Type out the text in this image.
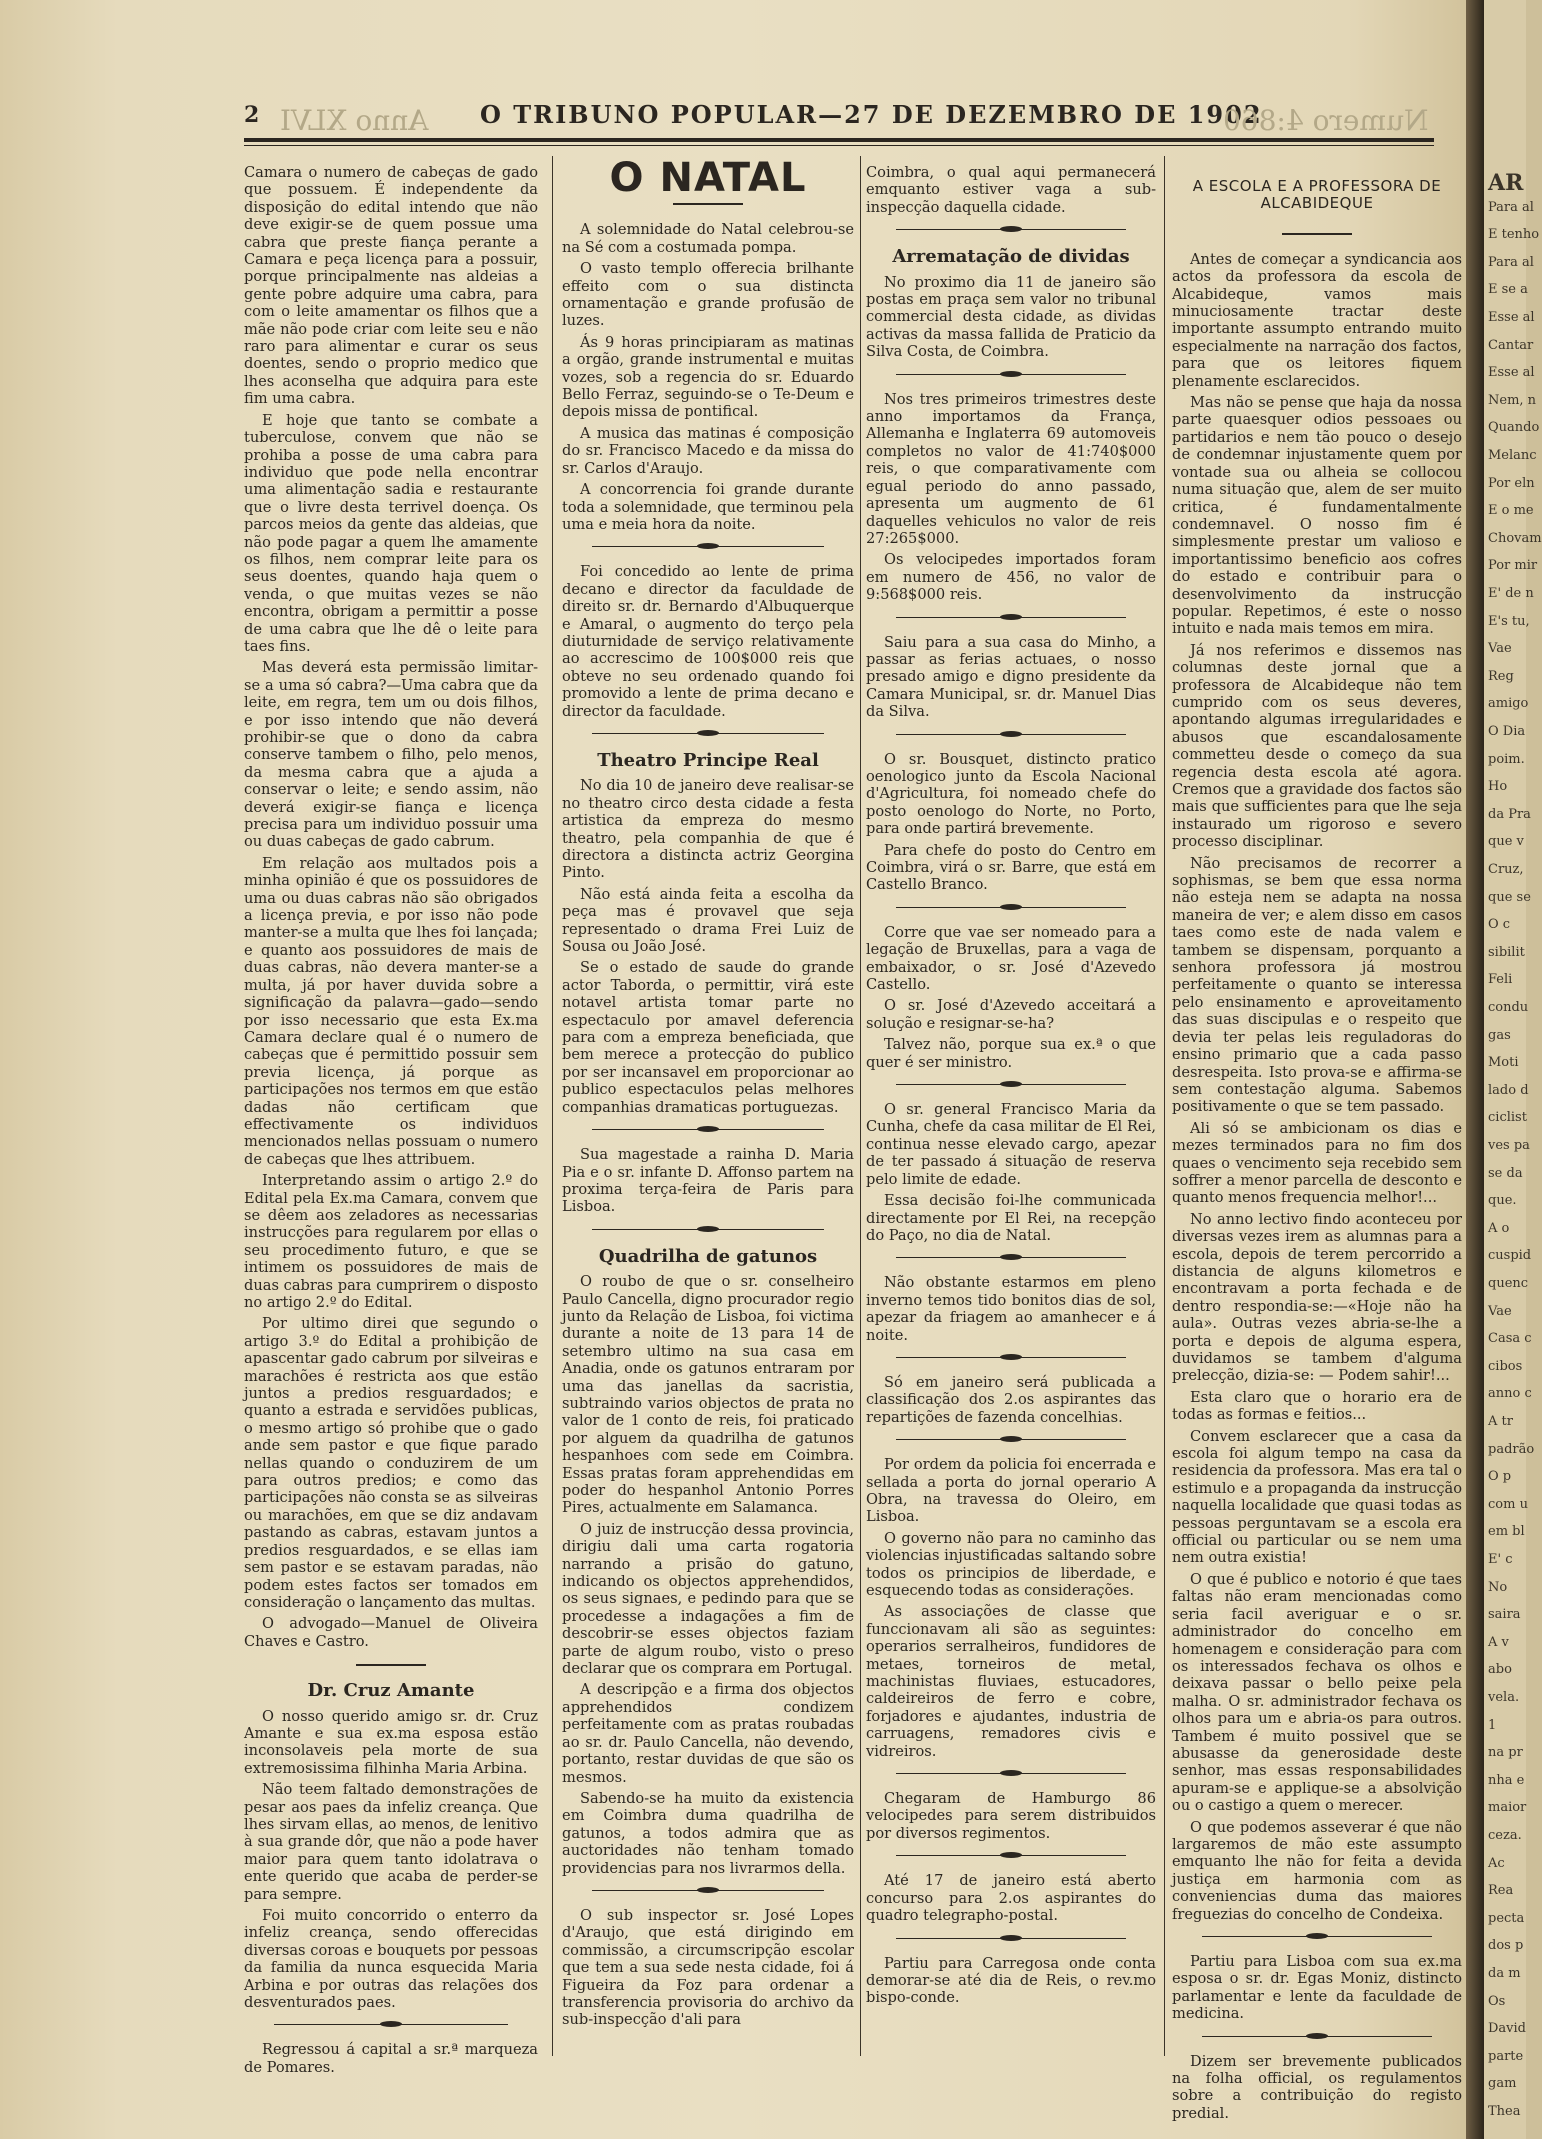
2 Anno XLVI O TRIBUNO POPULAR—27 DE DEZEMBRO DE 1902
Numero 4:860

Camara o numero de cabeças de gado que possuem. É independente da disposição do edital intendo que não deve exigir-se de quem possue uma cabra que preste fiança perante a Camara e peça licença para a possuir, porque principalmente nas aldeias a gente pobre adquire uma cabra, para com o leite amamentar os filhos que a mãe não pode criar com leite seu e não raro para alimentar e curar os seus doentes, sendo o proprio medico que lhes aconselha que adquira para este fim uma cabra.

E hoje que tanto se combate a tuberculose, convem que não se prohiba a posse de uma cabra para individuo que pode nella encontrar uma alimentação sadia e restaurante que o livre desta terrivel doença. Os parcos meios da gente das aldeias, que não pode pagar a quem lhe amamente os filhos, nem comprar leite para os seus doentes, quando haja quem o venda, o que muitas vezes se não encontra, obrigam a permittir a posse de uma cabra que lhe dê o leite para taes fins.

Mas deverá esta permissão limitar-se a uma só cabra?—Uma cabra que da leite, em regra, tem um ou dois filhos, e por isso intendo que não deverá prohibir-se que o dono da cabra conserve tambem o filho, pelo menos, da mesma cabra que a ajuda a conservar o leite; e sendo assim, não deverá exigir-se fiança e licença precisa para um individuo possuir uma ou duas cabeças de gado cabrum.

Em relação aos multados pois a minha opinião é que os possuidores de uma ou duas cabras não são obrigados a licença previa, e por isso não pode manter-se a multa que lhes foi lançada; e quanto aos possuidores de mais de duas cabras, não devera manter-se a multa, já por haver duvida sobre a significação da palavra—gado—sendo por isso necessario que esta Ex.ma Camara declare qual é o numero de cabeças que é permittido possuir sem previa licença, já porque as participações nos termos em que estão dadas não certificam que effectivamente os individuos mencionados nellas possuam o numero de cabeças que lhes attribuem.

Interpretando assim o artigo 2.º do Edital pela Ex.ma Camara, convem que se dêem aos zeladores as necessarias instrucções para regularem por ellas o seu procedimento futuro, e que se intimem os possuidores de mais de duas cabras para cumprirem o disposto no artigo 2.º do Edital.

Por ultimo direi que segundo o artigo 3.º do Edital a prohibição de apascentar gado cabrum por silveiras e marachões é restricta aos que estão juntos a predios resguardados; e quanto a estrada e servidões publicas, o mesmo artigo só prohibe que o gado ande sem pastor e que fique parado nellas quando o conduzirem de um para outros predios; e como das participações não consta se as silveiras ou marachões, em que se diz andavam pastando as cabras, estavam juntos a predios resguardados, e se ellas iam sem pastor e se estavam paradas, não podem estes factos ser tomados em consideração o lançamento das multas.

O advogado—Manuel de Oliveira Chaves e Castro.

Dr. Cruz Amante

O nosso querido amigo sr. dr. Cruz Amante e sua ex.ma esposa estão inconsolaveis pela morte de sua extremosissima filhinha Maria Arbina.

Não teem faltado demonstrações de pesar aos paes da infeliz creança. Que lhes sirvam ellas, ao menos, de lenitivo à sua grande dôr, que não a pode haver maior para quem tanto idolatrava o ente querido que acaba de perder-se para sempre.

Foi muito concorrido o enterro da infeliz creança, sendo offerecidas diversas coroas e bouquets por pessoas da familia da nunca esquecida Maria Arbina e por outras das relações dos desventurados paes.

Regressou á capital a sr.ª marqueza de Pomares.

O NATAL

A solemnidade do Natal celebrou-se na Sé com a costumada pompa.

O vasto templo offerecia brilhante effeito com o sua distincta ornamentação e grande profusão de luzes.

Ás 9 horas principiaram as matinas a orgão, grande instrumental e muitas vozes, sob a regencia do sr. Eduardo Bello Ferraz, seguindo-se o Te-Deum e depois missa de pontifical.

A musica das matinas é composição do sr. Francisco Macedo e da missa do sr. Carlos d'Araujo.

A concorrencia foi grande durante toda a solemnidade, que terminou pela uma e meia hora da noite.

Foi concedido ao lente de prima decano e director da faculdade de direito sr. dr. Bernardo d'Albuquerque e Amaral, o augmento do terço pela diuturnidade de serviço relativamente ao accrescimo de 100$000 reis que obteve no seu ordenado quando foi promovido a lente de prima decano e director da faculdade.

Theatro Principe Real

No dia 10 de janeiro deve realisar-se no theatro circo desta cidade a festa artistica da empreza do mesmo theatro, pela companhia de que é directora a distincta actriz Georgina Pinto.

Não está ainda feita a escolha da peça mas é provavel que seja representado o drama Frei Luiz de Sousa ou João José.

Se o estado de saude do grande actor Taborda, o permittir, virá este notavel artista tomar parte no espectaculo por amavel deferencia para com a empreza beneficiada, que bem merece a protecção do publico por ser incansavel em proporcionar ao publico espectaculos pelas melhores companhias dramaticas portuguezas.

Sua magestade a rainha D. Maria Pia e o sr. infante D. Affonso partem na proxima terça-feira de Paris para Lisboa.

Quadrilha de gatunos

O roubo de que o sr. conselheiro Paulo Cancella, digno procurador regio junto da Relação de Lisboa, foi victima durante a noite de 13 para 14 de setembro ultimo na sua casa em Anadia, onde os gatunos entraram por uma das janellas da sacristia, subtraindo varios objectos de prata no valor de 1 conto de reis, foi praticado por alguem da quadrilha de gatunos hespanhoes com sede em Coimbra. Essas pratas foram apprehendidas em poder do hespanhol Antonio Porres Pires, actualmente em Salamanca.

O juiz de instrucção dessa provincia, dirigiu dali uma carta rogatoria narrando a prisão do gatuno, indicando os objectos apprehendidos, os seus signaes, e pedindo para que se procedesse a indagações a fim de descobrir-se esses objectos faziam parte de algum roubo, visto o preso declarar que os comprara em Portugal.

A descripção e a firma dos objectos apprehendidos condizem perfeitamente com as pratas roubadas ao sr. dr. Paulo Cancella, não devendo, portanto, restar duvidas de que são os mesmos.

Sabendo-se ha muito da existencia em Coimbra duma quadrilha de gatunos, a todos admira que as auctoridades não tenham tomado providencias para nos livrarmos della.

O sub inspector sr. José Lopes d'Araujo, que está dirigindo em commissão, a circumscripção escolar que tem a sua sede nesta cidade, foi á Figueira da Foz para ordenar a transferencia provisoria do archivo da sub-inspecção d'ali para

Coimbra, o qual aqui permanecerá emquanto estiver vaga a sub-inspecção daquella cidade.

Arrematação de dividas

No proximo dia 11 de janeiro são postas em praça sem valor no tribunal commercial desta cidade, as dividas activas da massa fallida de Praticio da Silva Costa, de Coimbra.

Nos tres primeiros trimestres deste anno importamos da França, Allemanha e Inglaterra 69 automoveis completos no valor de 41:740$000 reis, o que comparativamente com egual periodo do anno passado, apresenta um augmento de 61 daquelles vehiculos no valor de reis 27:265$000.

Os velocipedes importados foram em numero de 456, no valor de 9:568$000 reis.

Saiu para a sua casa do Minho, a passar as ferias actuaes, o nosso presado amigo e digno presidente da Camara Municipal, sr. dr. Manuel Dias da Silva.

O sr. Bousquet, distincto pratico oenologico junto da Escola Nacional d'Agricultura, foi nomeado chefe do posto oenologo do Norte, no Porto, para onde partirá brevemente.

Para chefe do posto do Centro em Coimbra, virá o sr. Barre, que está em Castello Branco.

Corre que vae ser nomeado para a legação de Bruxellas, para a vaga de embaixador, o sr. José d'Azevedo Castello.

O sr. José d'Azevedo acceitará a solução e resignar-se-ha?

Talvez não, porque sua ex.ª o que quer é ser ministro.

O sr. general Francisco Maria da Cunha, chefe da casa militar de El Rei, continua nesse elevado cargo, apezar de ter passado á situação de reserva pelo limite de edade.

Essa decisão foi-lhe communicada directamente por El Rei, na recepção do Paço, no dia de Natal.

Não obstante estarmos em pleno inverno temos tido bonitos dias de sol, apezar da friagem ao amanhecer e á noite.

Só em janeiro será publicada a classificação dos 2.os aspirantes das repartições de fazenda concelhias.

Por ordem da policia foi encerrada e sellada a porta do jornal operario A Obra, na travessa do Oleiro, em Lisboa.

O governo não para no caminho das violencias injustificadas saltando sobre todos os principios de liberdade, e esquecendo todas as considerações.

As associações de classe que funccionavam ali são as seguintes: operarios serralheiros, fundidores de metaes, torneiros de metal, machinistas fluviaes, estucadores, caldeireiros de ferro e cobre, forjadores e ajudantes, industria de carruagens, remadores civis e vidreiros.

Chegaram de Hamburgo 86 velocipedes para serem distribuidos por diversos regimentos.

Até 17 de janeiro está aberto concurso para 2.os aspirantes do quadro telegrapho-postal.

Partiu para Carregosa onde conta demorar-se até dia de Reis, o rev.mo bispo-conde.

A ESCOLA E A PROFESSORA DE ALCABIDEQUE

Antes de começar a syndicancia aos actos da professora da escola de Alcabideque, vamos mais minuciosamente tractar deste importante assumpto entrando muito especialmente na narração dos factos, para que os leitores fiquem plenamente esclarecidos.

Mas não se pense que haja da nossa parte quaesquer odios pessoaes ou partidarios e nem tão pouco o desejo de condemnar injustamente quem por vontade sua ou alheia se collocou numa situação que, alem de ser muito critica, é fundamentalmente condemnavel. O nosso fim é simplesmente prestar um valioso e importantissimo beneficio aos cofres do estado e contribuir para o desenvolvimento da instrucção popular. Repetimos, é este o nosso intuito e nada mais temos em mira.

Já nos referimos e dissemos nas columnas deste jornal que a professora de Alcabideque não tem cumprido com os seus deveres, apontando algumas irregularidades e abusos que escandalosamente commetteu desde o começo da sua regencia desta escola até agora. Cremos que a gravidade dos factos são mais que sufficientes para que lhe seja instaurado um rigoroso e severo processo disciplinar.

Não precisamos de recorrer a sophismas, se bem que essa norma não esteja nem se adapta na nossa maneira de ver; e alem disso em casos taes como este de nada valem e tambem se dispensam, porquanto a senhora professora já mostrou perfeitamente o quanto se interessa pelo ensinamento e aproveitamento das suas discipulas e o respeito que devia ter pelas leis reguladoras do ensino primario que a cada passo desrespeita. Isto prova-se e affirma-se sem contestação alguma. Sabemos positivamente o que se tem passado.

Ali só se ambicionam os dias e mezes terminados para no fim dos quaes o vencimento seja recebido sem soffrer a menor parcella de desconto e quanto menos frequencia melhor!...

No anno lectivo findo aconteceu por diversas vezes irem as alumnas para a escola, depois de terem percorrido a distancia de alguns kilometros e encontravam a porta fechada e de dentro respondia-se:—«Hoje não ha aula». Outras vezes abria-se-lhe a porta e depois de alguma espera, duvidamos se tambem d'alguma prelecção, dizia-se: — Podem sahir!...

Esta claro que o horario era de todas as formas e feitios...

Convem esclarecer que a casa da escola foi algum tempo na casa da residencia da professora. Mas era tal o estimulo e a propaganda da instrucção naquella localidade que quasi todas as pessoas perguntavam se a escola era official ou particular ou se nem uma nem outra existia!

O que é publico e notorio é que taes faltas não eram mencionadas como seria facil averiguar e o sr. administrador do concelho em homenagem e consideração para com os interessados fechava os olhos e deixava passar o bello peixe pela malha. O sr. administrador fechava os olhos para um e abria-os para outros. Tambem é muito possivel que se abusasse da generosidade deste senhor, mas essas responsabilidades apuram-se e applique-se a absolvição ou o castigo a quem o merecer.

O que podemos asseverar é que não largaremos de mão este assumpto emquanto lhe não for feita a devida justiça em harmonia com as conveniencias duma das maiores freguezias do concelho de Condeixa.

Partiu para Lisboa com sua ex.ma esposa o sr. dr. Egas Moniz, distincto parlamentar e lente da faculdade de medicina.

Dizem ser brevemente publicados na folha official, os regulamentos sobre a contribuição do registo predial.

AR
Para al
E tenho
Para al
E se a
Esse al
Cantar
Esse al
Nem, n
Quando
Melanc
Por eln
E o me
Chovam
Por mir
E' de n
E's tu,
Vae
Reg
amigo
O Dia
poim.
Ho
da Pra
que v
Cruz,
que se
O c
sibilit
Feli
condu
gas
Moti
lado d
ciclist
ves pa
se da
que.
A o
cuspid
quenc
Vae
Casa c
cibos
anno c
A tr
padrão
O p
com u
em bl
E' c
No
saira
A v
abo
vela.
1
na pr
nha e
maior
ceza.
Ac
Rea
pecta
dos p
da m
Os
David
parte
gam
Thea
